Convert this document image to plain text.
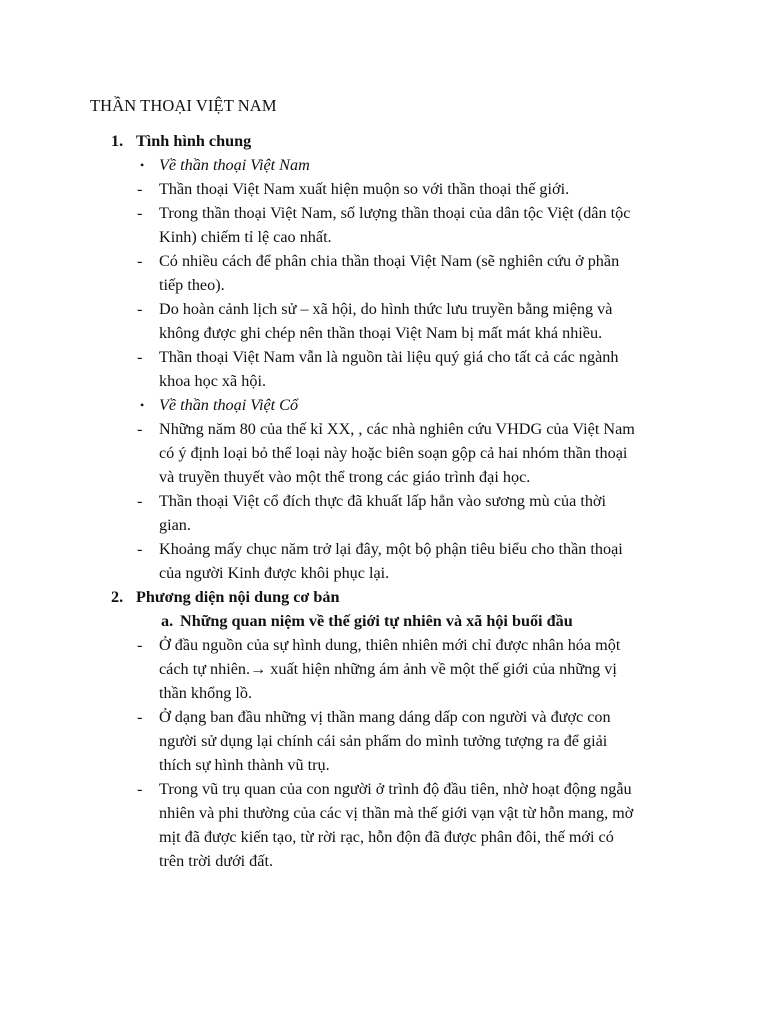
THẦN THOẠI VIỆT NAM
1. Tình hình chung
• Về thần thoại Việt Nam
- Thần thoại Việt Nam xuất hiện muộn so với thần thoại thế giới.
- Trong thần thoại Việt Nam, số lượng thần thoại của dân tộc Việt (dân tộc
Kinh) chiếm tỉ lệ cao nhất.
- Có nhiều cách để phân chia thần thoại Việt Nam (sẽ nghiên cứu ở phần
tiếp theo).
- Do hoàn cảnh lịch sử – xã hội, do hình thức lưu truyền bằng miệng và
không được ghi chép nên thần thoại Việt Nam bị mất mát khá nhiều.
- Thần thoại Việt Nam vẫn là nguồn tài liệu quý giá cho tất cả các ngành
khoa học xã hội.
• Về thần thoại Việt Cổ
- Những năm 80 của thế kỉ XX, , các nhà nghiên cứu VHDG của Việt Nam
có ý định loại bỏ thể loại này hoặc biên soạn gộp cả hai nhóm thần thoại
và truyền thuyết vào một thể trong các giáo trình đại học.
- Thần thoại Việt cổ đích thực đã khuất lấp hẳn vào sương mù của thời
gian.
- Khoảng mấy chục năm trở lại đây, một bộ phận tiêu biểu cho thần thoại
của người Kinh được khôi phục lại.
2. Phương diện nội dung cơ bản
a. Những quan niệm về thế giới tự nhiên và xã hội buổi đầu
- Ở đầu nguồn của sự hình dung, thiên nhiên mới chỉ được nhân hóa một
cách tự nhiên.→ xuất hiện những ám ảnh về một thế giới của những vị
thần khổng lồ.
- Ở dạng ban đầu những vị thần mang dáng dấp con người và được con
người sử dụng lại chính cái sản phẩm do mình tưởng tượng ra để giải
thích sự hình thành vũ trụ.
- Trong vũ trụ quan của con người ở trình độ đầu tiên, nhờ hoạt động ngẫu
nhiên và phi thường của các vị thần mà thế giới vạn vật từ hỗn mang, mờ
mịt đã được kiến tạo, từ rời rạc, hỗn độn đã được phân đôi, thế mới có
trên trời dưới đất.
